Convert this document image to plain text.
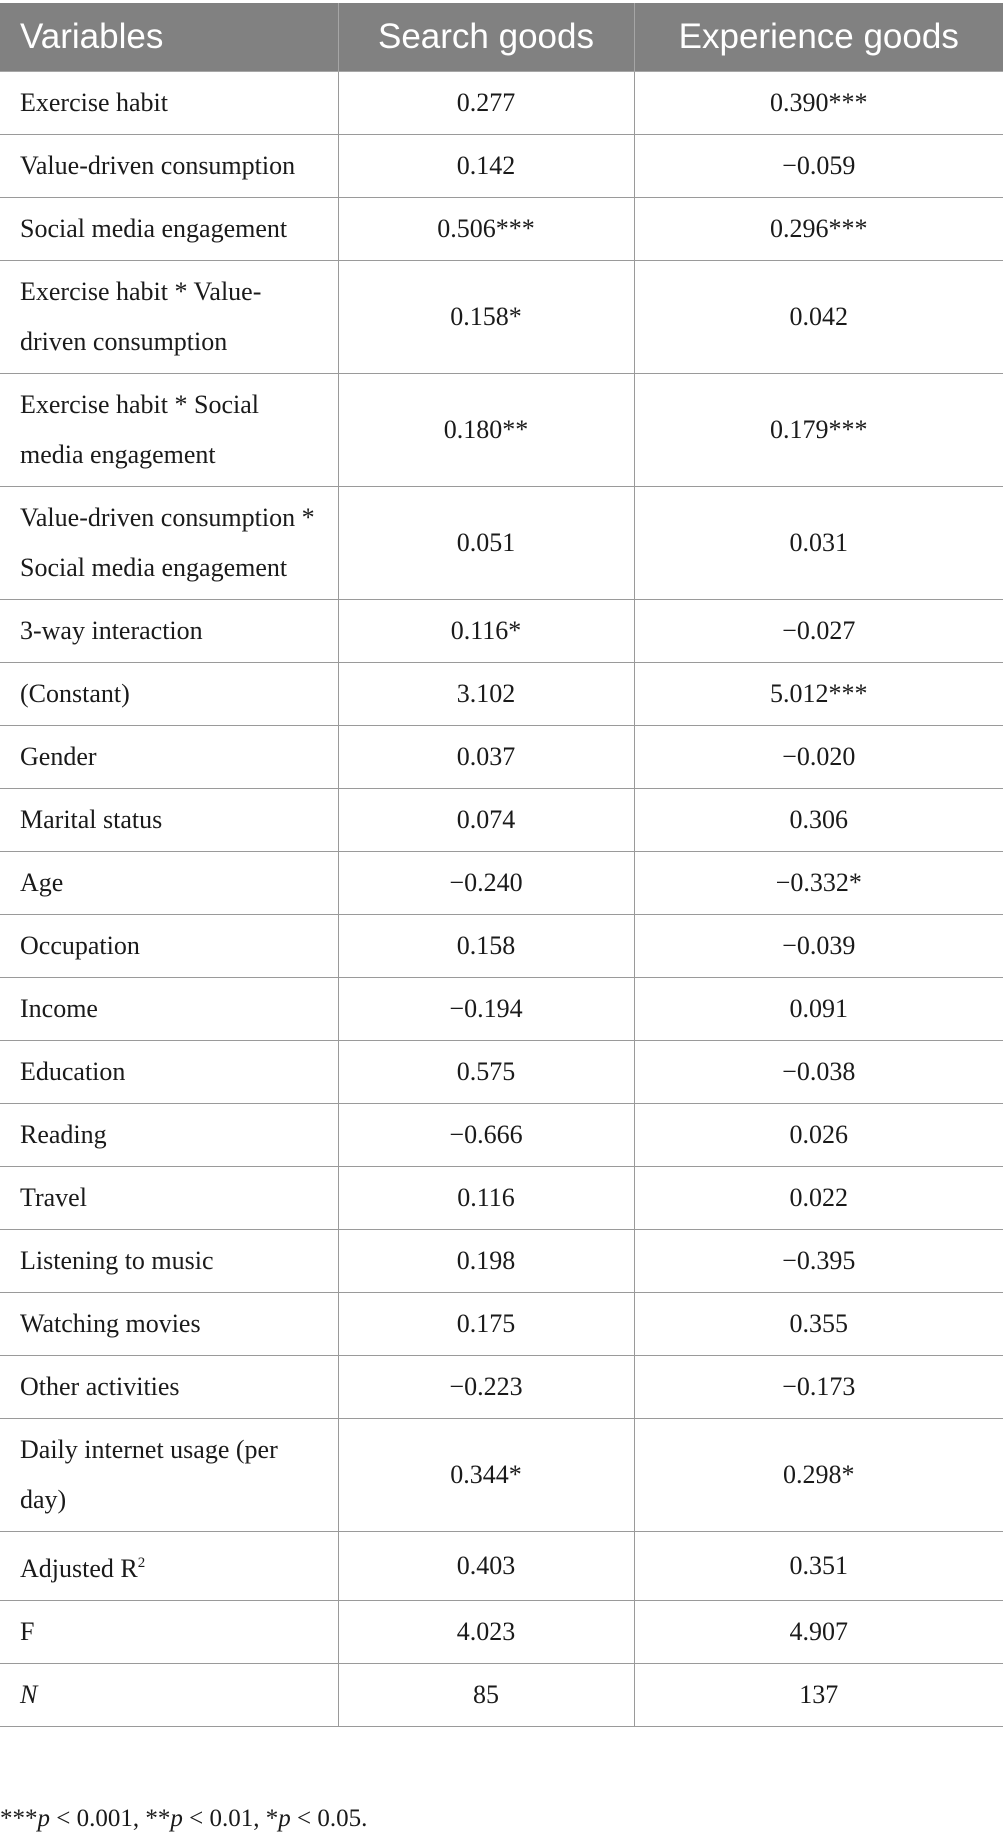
Variables	Search goods	Experience goods
Exercise habit	0.277	0.390***
Value-driven consumption	0.142	−0.059
Social media engagement	0.506***	0.296***
Exercise habit * Value-driven consumption	0.158*	0.042
Exercise habit * Social media engagement	0.180**	0.179***
Value-driven consumption * Social media engagement	0.051	0.031
3-way interaction	0.116*	−0.027
(Constant)	3.102	5.012***
Gender	0.037	−0.020
Marital status	0.074	0.306
Age	−0.240	−0.332*
Occupation	0.158	−0.039
Income	−0.194	0.091
Education	0.575	−0.038
Reading	−0.666	0.026
Travel	0.116	0.022
Listening to music	0.198	−0.395
Watching movies	0.175	0.355
Other activities	−0.223	−0.173
Daily internet usage (per day)	0.344*	0.298*
Adjusted $R^2$	0.403	0.351
F	4.023	4.907
N	85	137
***p < 0.001, **p < 0.01, *p < 0.05.
